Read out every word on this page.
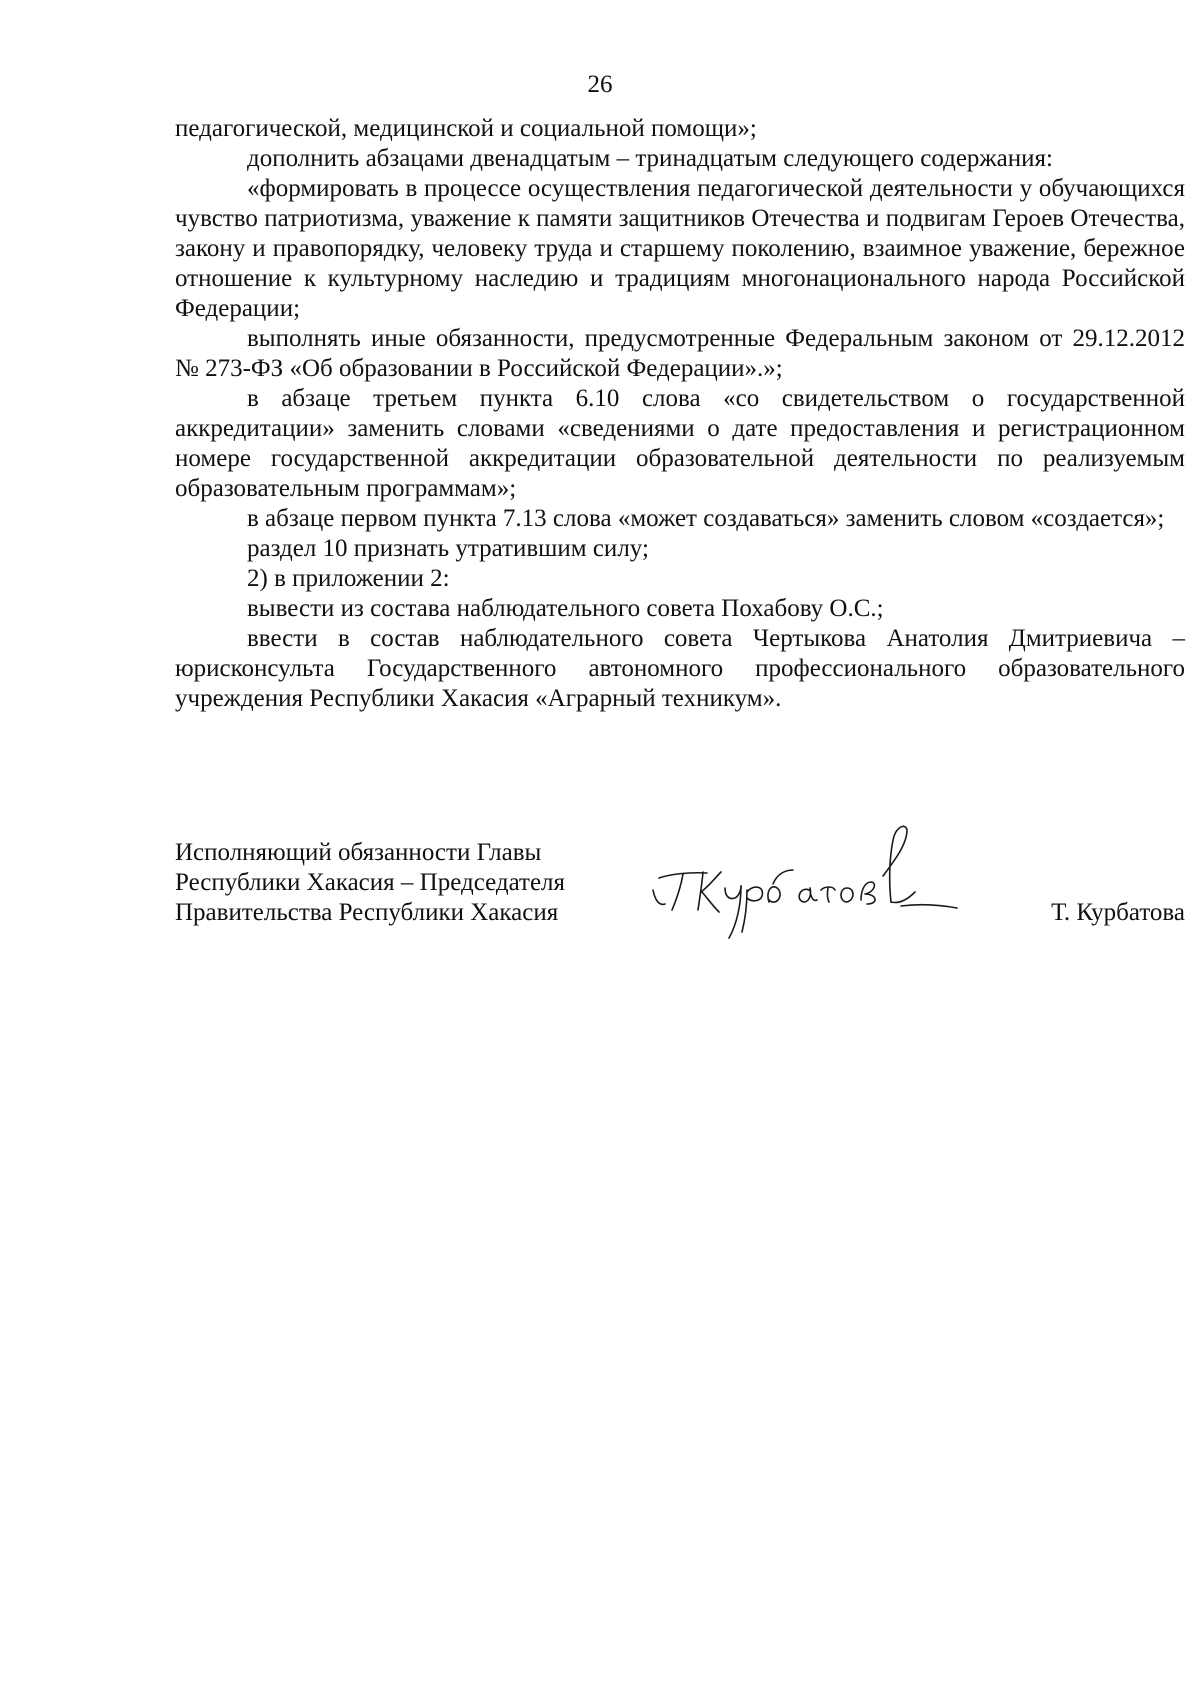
26

педагогической, медицинской и социальной помощи»;

дополнить абзацами двенадцатым – тринадцатым следующего содержания:

«формировать в процессе осуществления педагогической деятельности у обучающихся чувство патриотизма, уважение к памяти защитников Отечества и подвигам Героев Отечества, закону и правопорядку, человеку труда и старшему поколению, взаимное уважение, бережное отношение к культурному наследию и традициям многонационального народа Российской Федерации;

выполнять иные обязанности, предусмотренные Федеральным законом от 29.12.2012 № 273-ФЗ «Об образовании в Российской Федерации».»;

в абзаце третьем пункта 6.10 слова «со свидетельством о государственной аккредитации» заменить словами «сведениями о дате предоставления и регистрационном номере государственной аккредитации образовательной деятельности по реализуемым образовательным программам»;

в абзаце первом пункта 7.13 слова «может создаваться» заменить словом «создается»;

раздел 10 признать утратившим силу;

2) в приложении 2:

вывести из состава наблюдательного совета Похабову О.С.;

ввести в состав наблюдательного совета Чертыкова Анатолия Дмитриевича – юрисконсульта Государственного автономного профессионального образовательного учреждения Республики Хакасия «Аграрный техникум».

Исполняющий обязанности Главы
Республики Хакасия – Председателя
Правительства Республики Хакасия	Т. Курбатова
